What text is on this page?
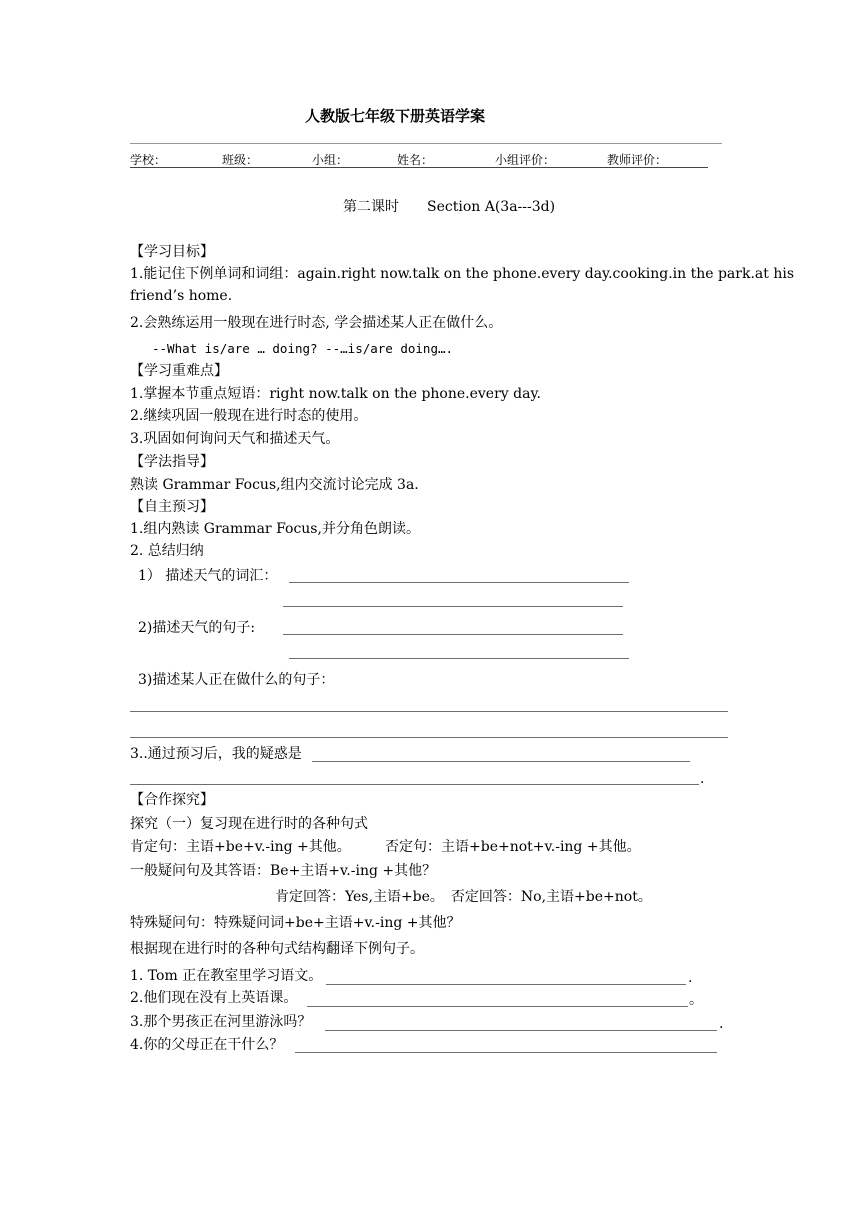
人教版七年级下册英语学案
学校：	班级：	小组：	姓名：	小组评价：	教师评价：
第二课时　　Section A(3a---3d)
【学习目标】
1.能记住下例单词和词组：again.right now.talk on the phone.every day.cooking.in the park.at his
friend’s home.
2.会熟练运用一般现在进行时态, 学会描述某人正在做什么。
--What is/are … doing? --…is/are doing….
【学习重难点】
1.掌握本节重点短语：right now.talk on the phone.every day.
2.继续巩固一般现在进行时态的使用。
3.巩固如何询问天气和描述天气。
【学法指导】
熟读 Grammar Focus,组内交流讨论完成 3a.
【自主预习】
1.组内熟读 Grammar Focus,并分角色朗读。
2. 总结归纳
1） 描述天气的词汇：
2)描述天气的句子:
3)描述某人正在做什么的句子：
3..通过预习后，我的疑惑是
.
【合作探究】
探究（一）复习现在进行时的各种句式
肯定句：主语+be+v.-ing +其他。 否定句：主语+be+not+v.-ing +其他。
一般疑问句及其答语：Be+主语+v.-ing +其他？
肯定回答：Yes,主语+be。　否定回答：No,主语+be+not。
特殊疑问句：特殊疑问词+be+主语+v.-ing +其他？
根据现在进行时的各种句式结构翻译下例句子。
1. Tom 正在教室里学习语文。	.
2.他们现在没有上英语课。	。
3.那个男孩正在河里游泳吗？	.
4.你的父母正在干什么？
